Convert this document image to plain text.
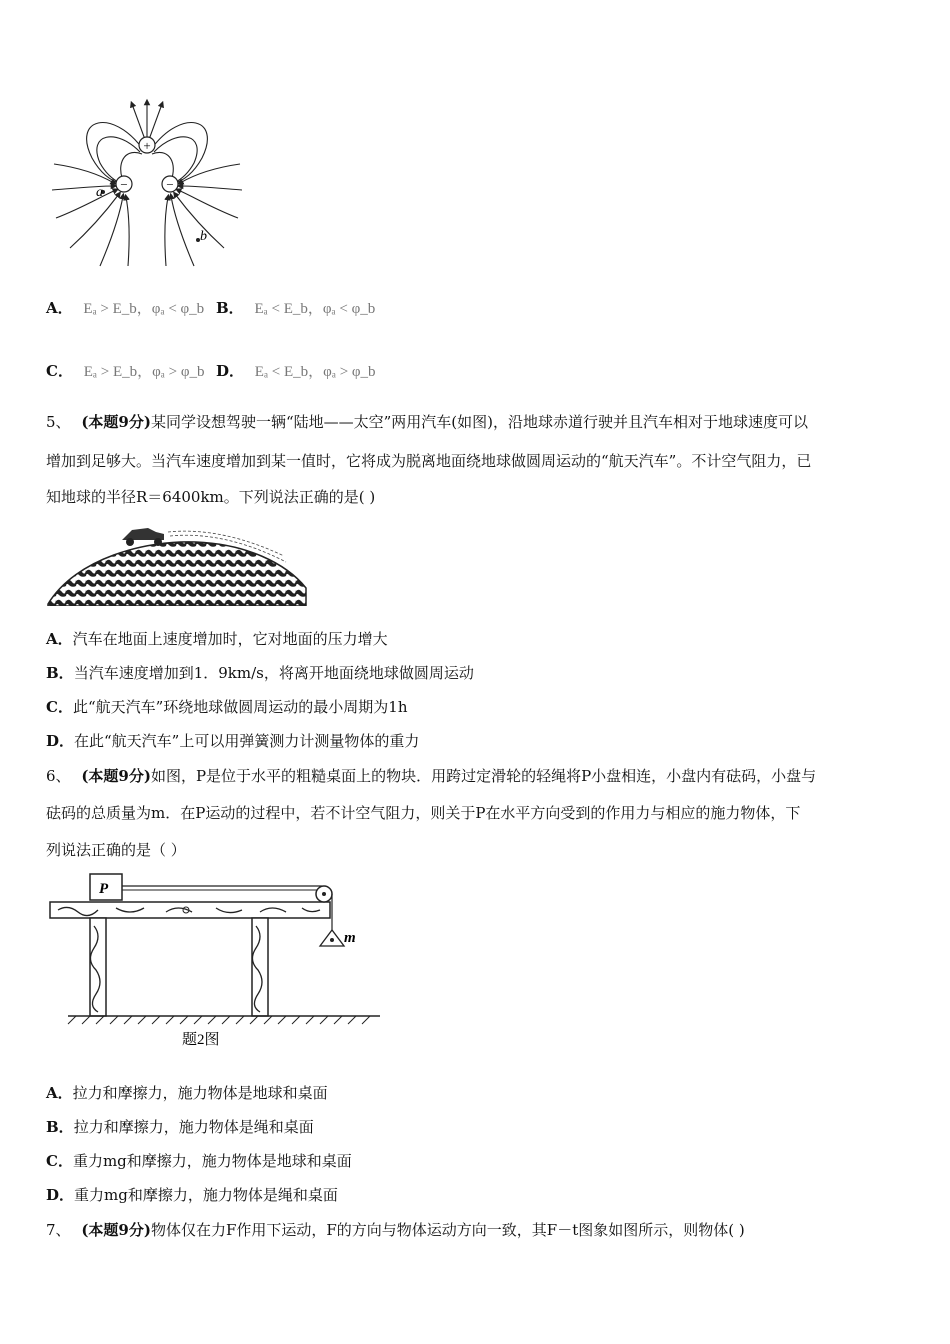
+
−	−
a
b
A． Eₐ > E_b，φₐ < φ_b B． Eₐ < E_b，φₐ < φ_b
C． Eₐ > E_b，φₐ > φ_b D． Eₐ < E_b，φₐ > φ_b
5、 (本题9分)某同学设想驾驶一辆“陆地——太空”两用汽车(如图)，沿地球赤道行驶并且汽车相对于地球速度可以
增加到足够大。当汽车速度增加到某一值时，它将成为脱离地面绕地球做圆周运动的“航天汽车”。不计空气阻力，已
知地球的半径R＝6400km。下列说法正确的是( )
A．汽车在地面上速度增加时，它对地面的压力增大
B．当汽车速度增加到1．9km/s，将离开地面绕地球做圆周运动
C．此“航天汽车”环绕地球做圆周运动的最小周期为1h
D．在此“航天汽车”上可以用弹簧测力计测量物体的重力
6、 (本题9分)如图，P是位于水平的粗糙桌面上的物块．用跨过定滑轮的轻绳将P小盘相连，小盘内有砝码，小盘与
砝码的总质量为m．在P运动的过程中，若不计空气阻力，则关于P在水平方向受到的作用力与相应的施力物体，下
列说法正确的是（ ）
P
m
题2图
A．拉力和摩擦力，施力物体是地球和桌面
B．拉力和摩擦力，施力物体是绳和桌面
C．重力mg和摩擦力，施力物体是地球和桌面
D．重力mg和摩擦力，施力物体是绳和桌面
7、 (本题9分)物体仅在力F作用下运动，F的方向与物体运动方向一致，其F－t图象如图所示，则物体( )
